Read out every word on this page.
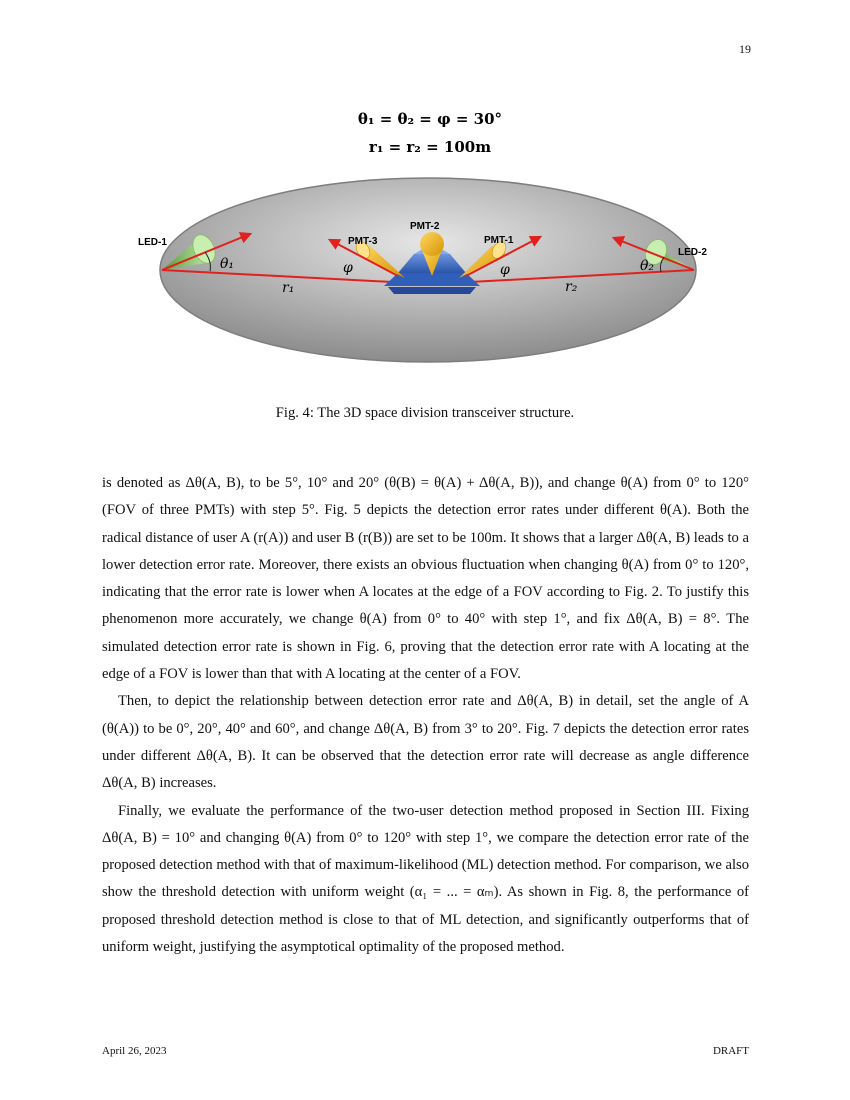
19
θ₁ = θ₂ = φ = 30°
r₁ = r₂ = 100m
LED-1
LED-2
PMT-2
PMT-3	PMT-1
θ₁	θ₂
φ	φ
r₁	r₂
Fig. 4: The 3D space division transceiver structure.

is denoted as Δθ(A, B), to be 5°, 10° and 20° (θ(B) = θ(A) + Δθ(A, B)), and change θ(A) from 0° to 120° (FOV of three PMTs) with step 5°. Fig. 5 depicts the detection error rates under different θ(A). Both the radical distance of user A (r(A)) and user B (r(B)) are set to be 100m. It shows that a larger Δθ(A, B) leads to a lower detection error rate. Moreover, there exists an obvious fluctuation when changing θ(A) from 0° to 120°, indicating that the error rate is lower when A locates at the edge of a FOV according to Fig. 2. To justify this phenomenon more accurately, we change θ(A) from 0° to 40° with step 1°, and fix Δθ(A, B) = 8°. The simulated detection error rate is shown in Fig. 6, proving that the detection error rate with A locating at the edge of a FOV is lower than that with A locating at the center of a FOV.

Then, to depict the relationship between detection error rate and Δθ(A, B) in detail, set the angle of A (θ(A)) to be 0°, 20°, 40° and 60°, and change Δθ(A, B) from 3° to 20°. Fig. 7 depicts the detection error rates under different Δθ(A, B). It can be observed that the detection error rate will decrease as angle difference Δθ(A, B) increases.

Finally, we evaluate the performance of the two-user detection method proposed in Section III. Fixing Δθ(A, B) = 10° and changing θ(A) from 0° to 120° with step 1°, we compare the detection error rate of the proposed detection method with that of maximum-likelihood (ML) detection method. For comparison, we also show the threshold detection with uniform weight (α₁ = ... = αₘ). As shown in Fig. 8, the performance of proposed threshold detection method is close to that of ML detection, and significantly outperforms that of uniform weight, justifying the asymptotical optimality of the proposed method.

April 26, 2023	DRAFT
